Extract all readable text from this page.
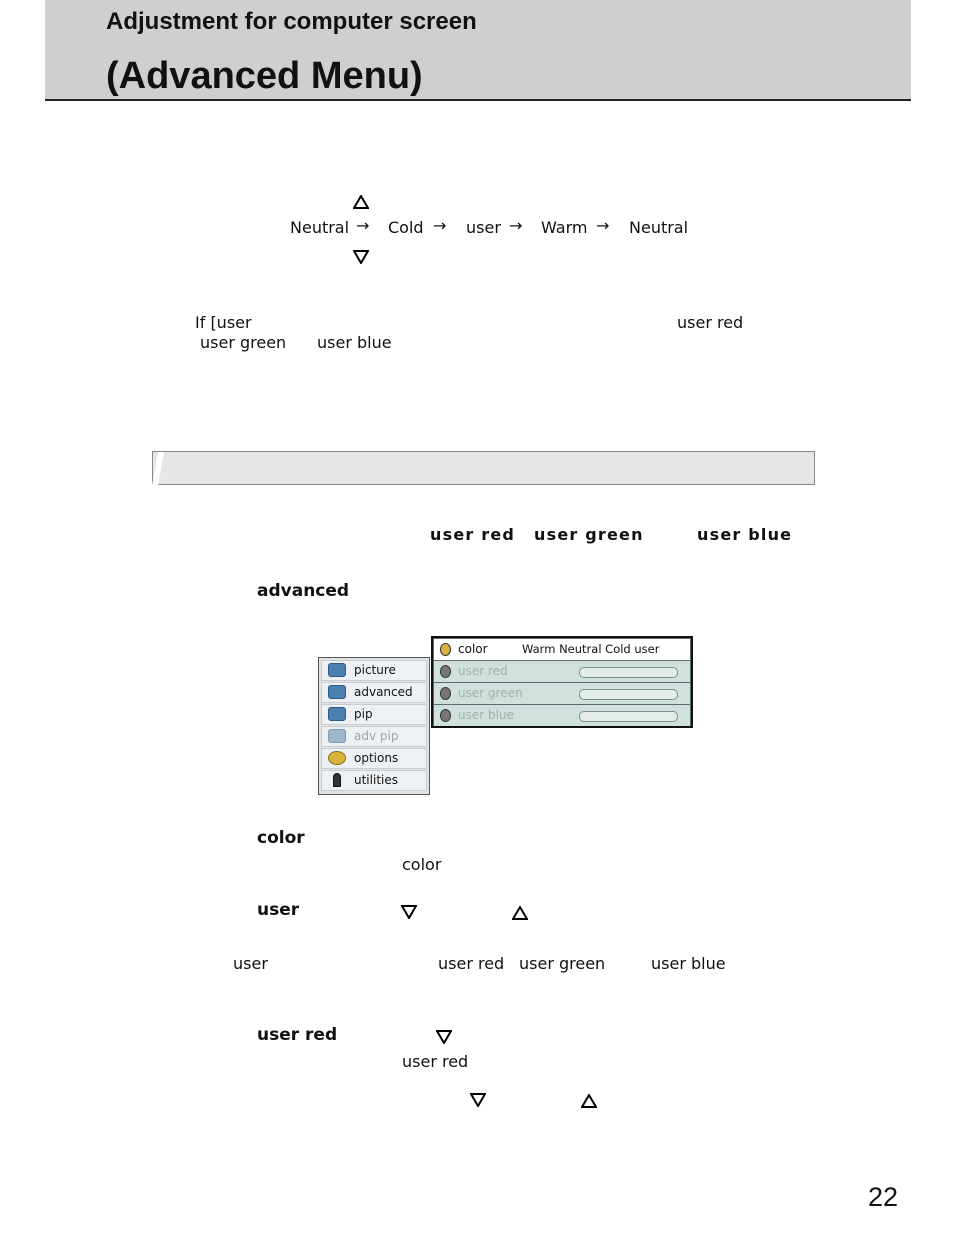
Adjustment for computer screen
(Advanced Menu)
Neutral → Cold → user → Warm → Neutral
If [user	user red
user green user blue
user red user green	user blue
advanced
picture
advanced
pip
adv pip
options
utilities
color	Warm Neutral Cold user
user red
user green
user blue
color
color
user
user	user red user green	user blue
user red
user red
22
